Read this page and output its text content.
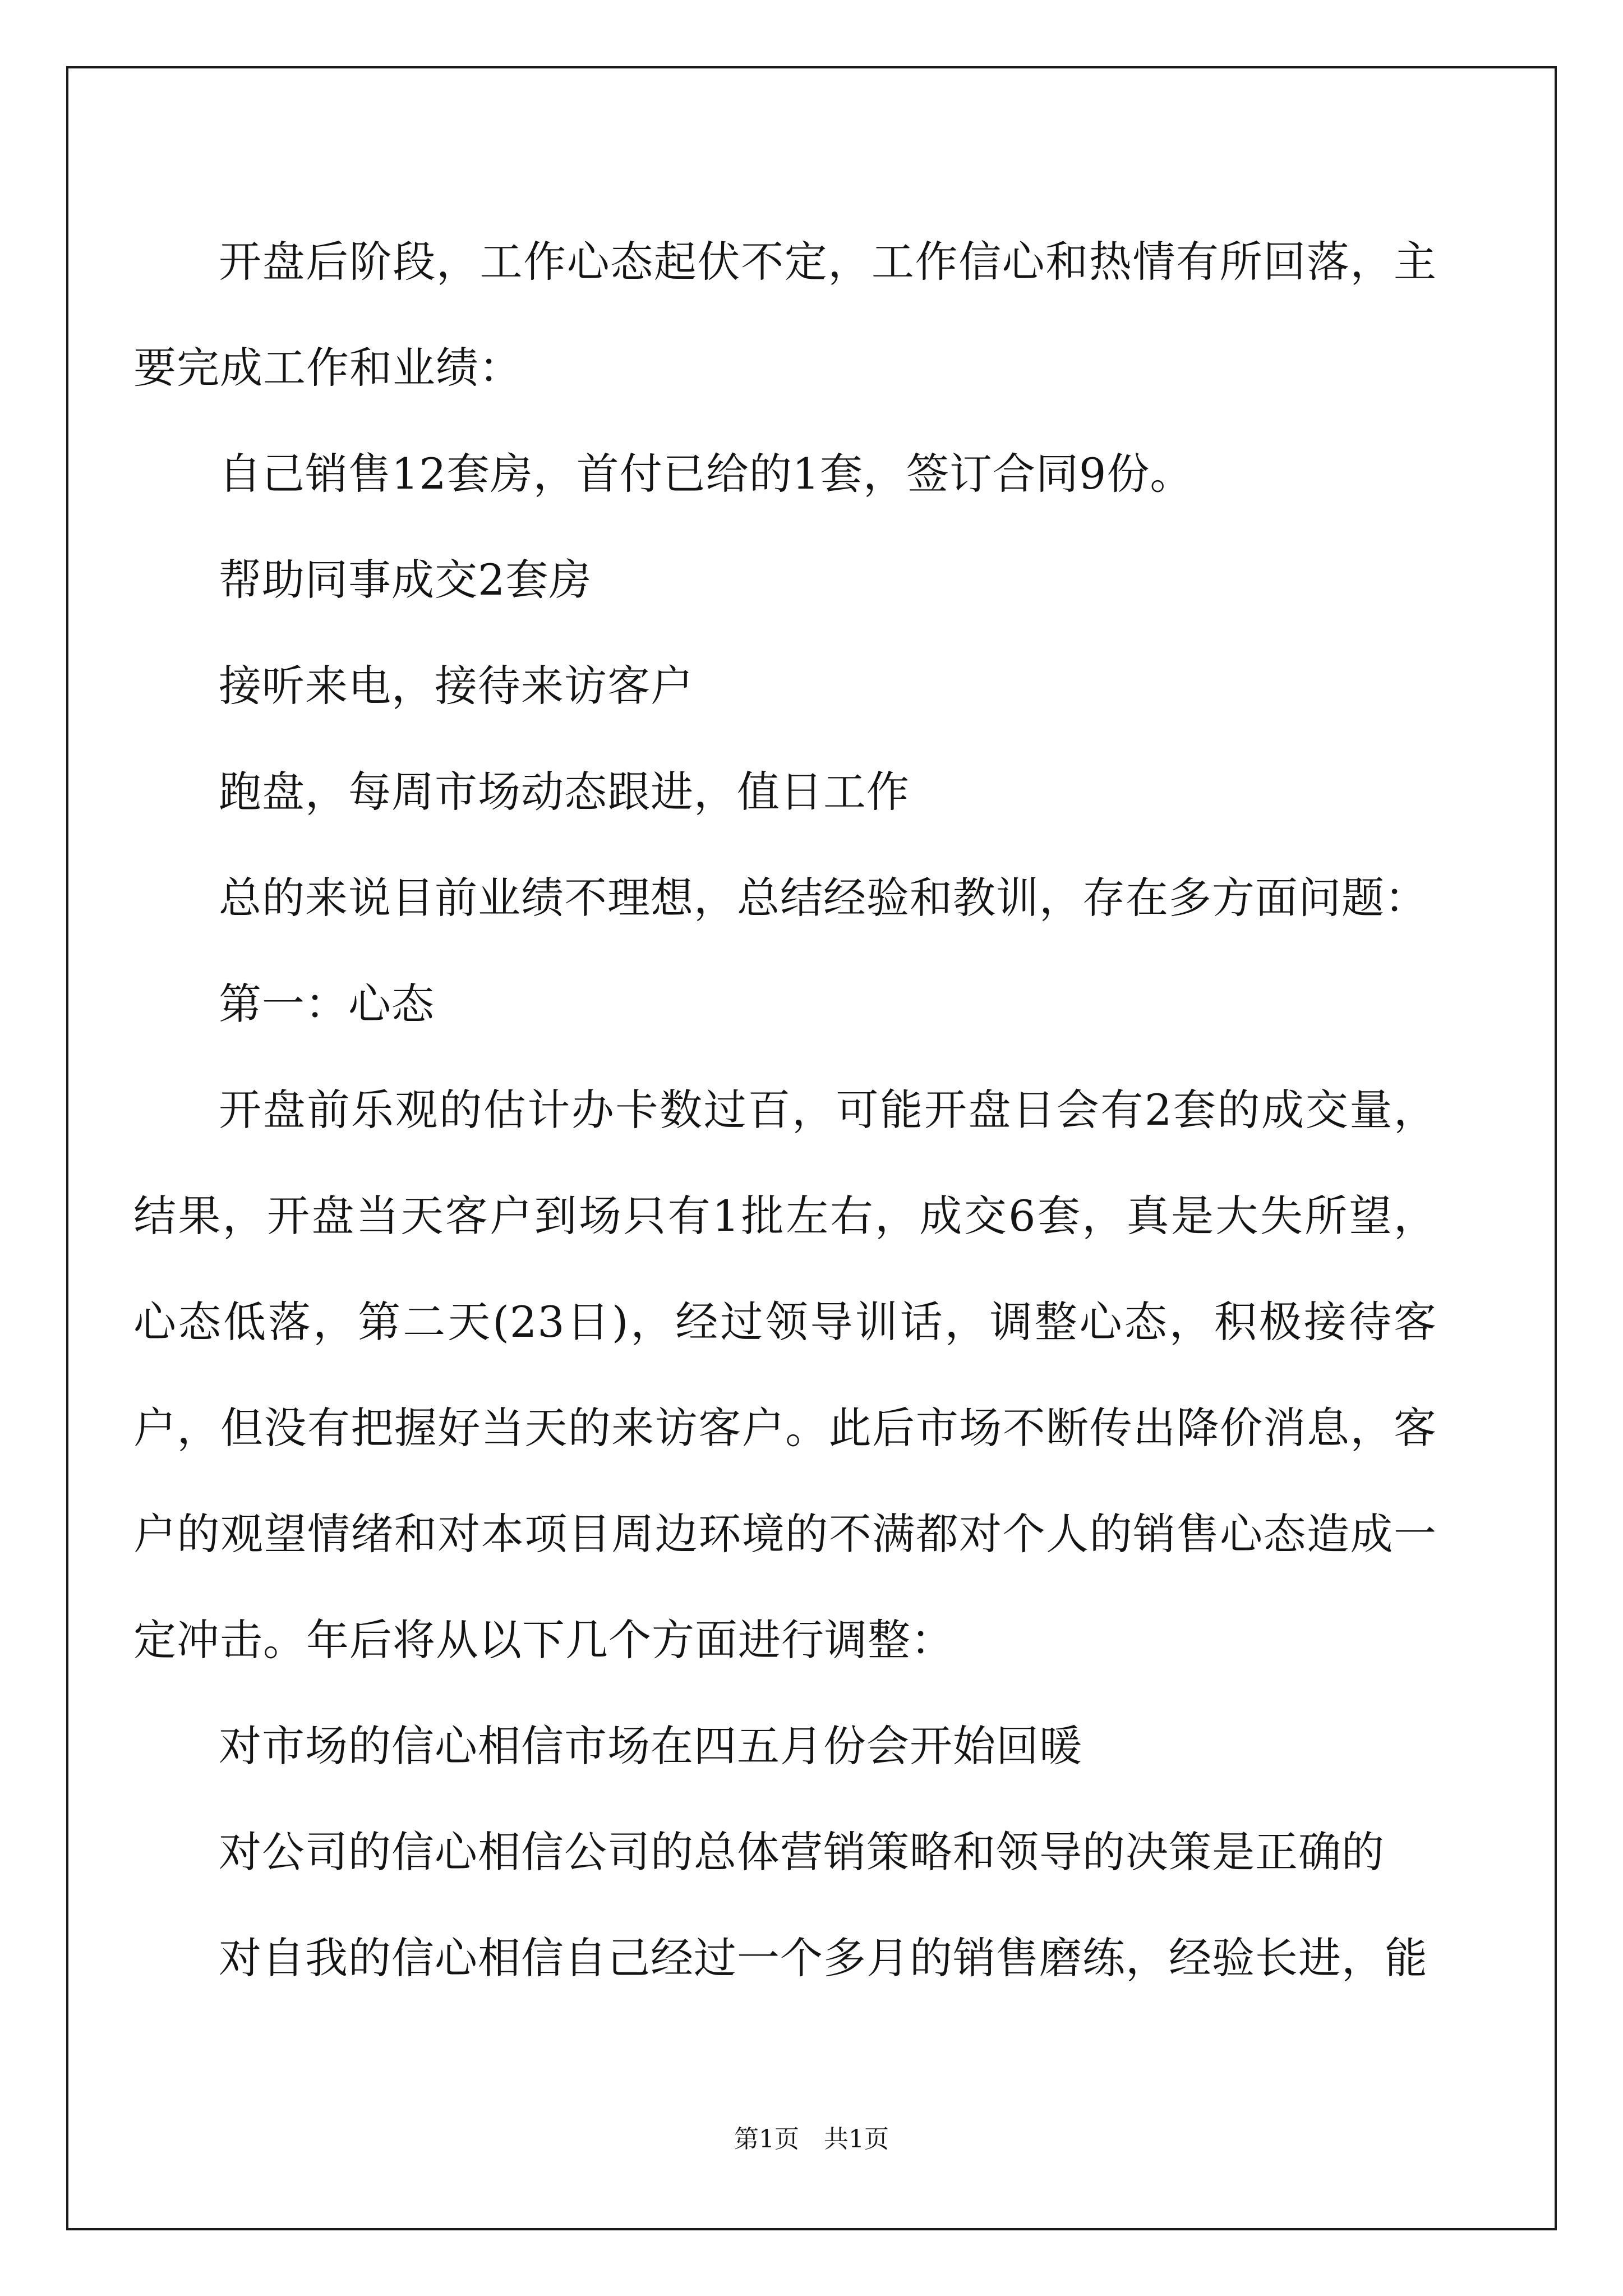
开盘后阶段，工作心态起伏不定，工作信心和热情有所回落，主要完成工作和业绩：

自己销售12套房，首付已给的1套，签订合同9份。

帮助同事成交2套房

接听来电，接待来访客户

跑盘，每周市场动态跟进，值日工作

总的来说目前业绩不理想，总结经验和教训，存在多方面问题：

第一：心态

开盘前乐观的估计办卡数过百，可能开盘日会有2套的成交量，结果，开盘当天客户到场只有1批左右，成交6套，真是大失所望，心态低落，第二天(23日)，经过领导训话，调整心态，积极接待客户，但没有把握好当天的来访客户。此后市场不断传出降价消息，客户的观望情绪和对本项目周边环境的不满都对个人的销售心态造成一定冲击。年后将从以下几个方面进行调整：

对市场的信心相信市场在四五月份会开始回暖

对公司的信心相信公司的总体营销策略和领导的决策是正确的

对自我的信心相信自己经过一个多月的销售磨练，经验长进，能

第1页　共1页
